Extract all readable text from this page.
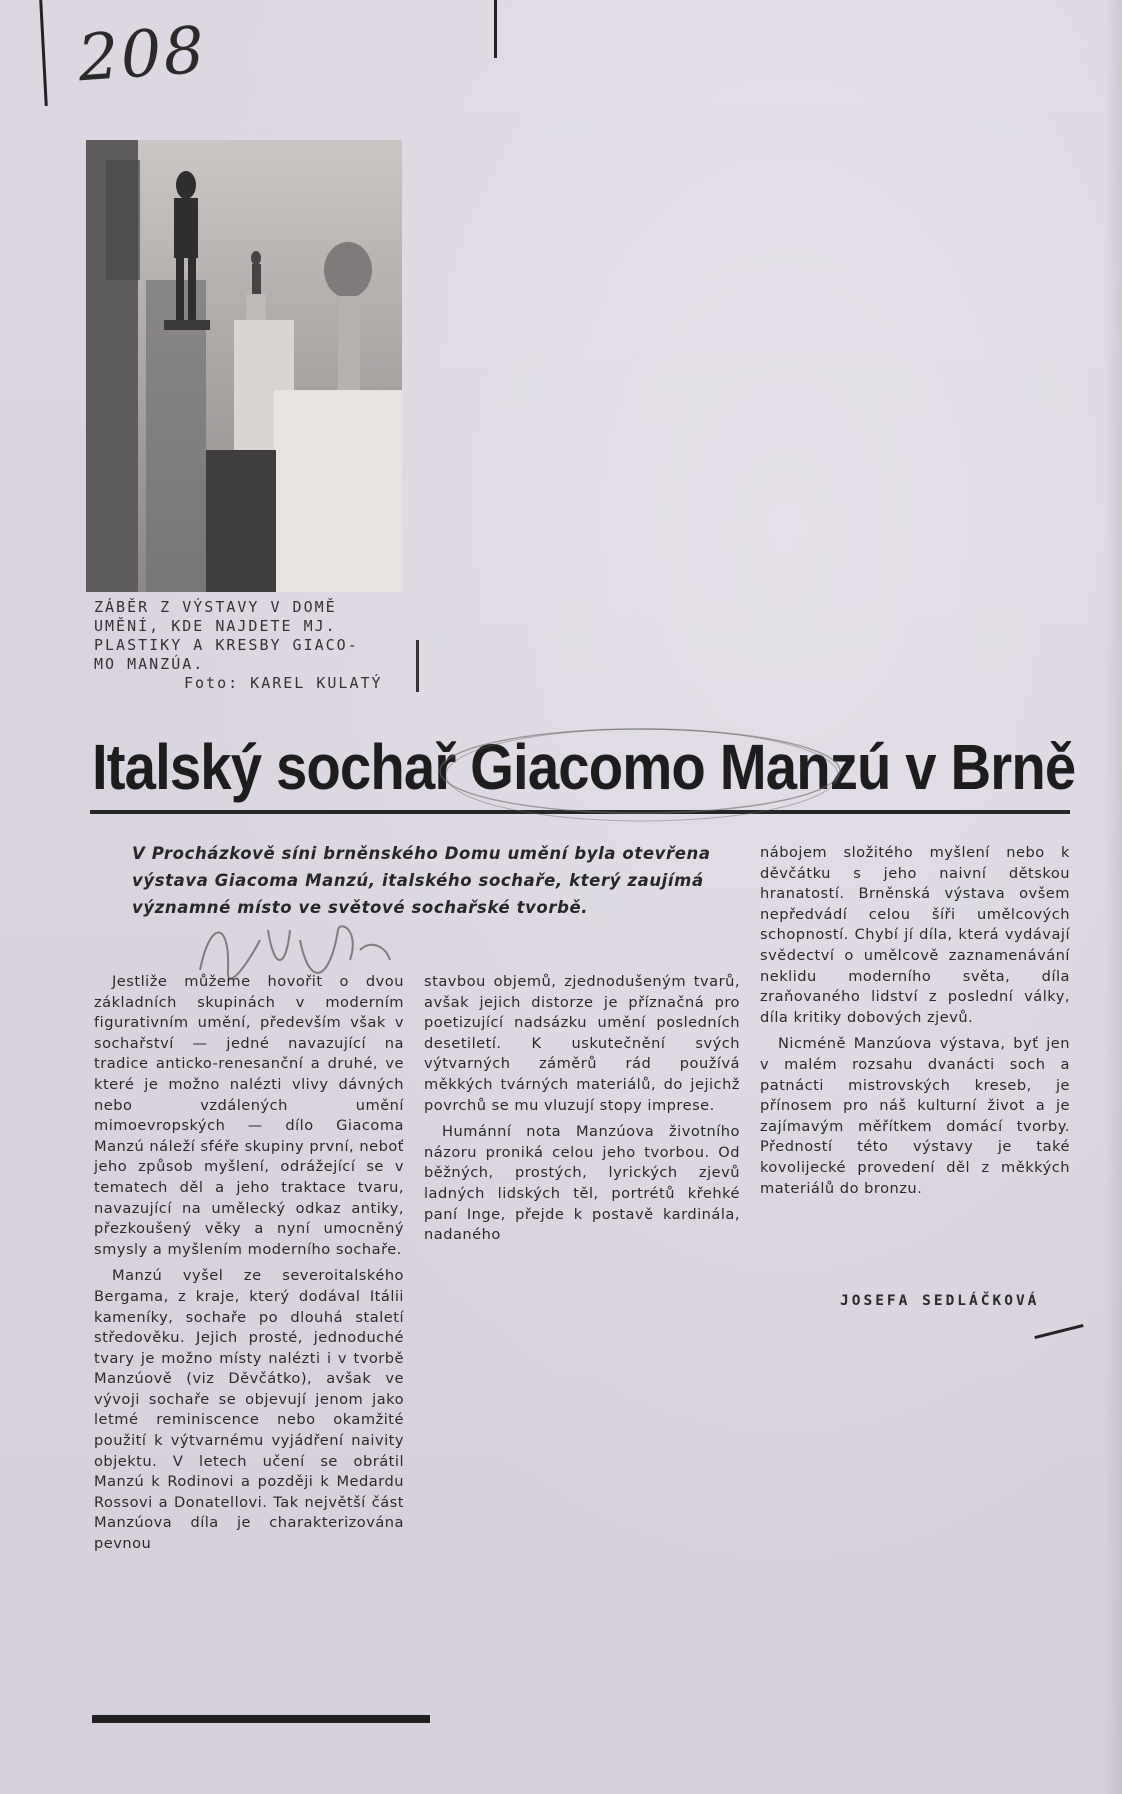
208
ZÁBĚR Z VÝSTAVY V DOMĚ
UMĚNÍ, KDE NAJDETE MJ.
PLASTIKY A KRESBY GIACO-
MO MANZÚA.
Foto: KAREL KULATÝ
Italský sochař Giacomo Manzú v Brně

V Procházkově síni brněnského Domu umění byla otevřena výstava Giacoma Manzú, italského sochaře, který zaujímá významné místo ve světové sochařské tvorbě.

Jestliže můžeme hovořit o dvou základních skupinách v moderním figurativním umění, především však v sochařství — jedné navazující na tradice anticko-renesanční a druhé, ve které je možno nalézti vlivy dávných nebo vzdálených umění mimoevropských — dílo Giacoma Manzú náleží sféře skupiny první, neboť jeho způsob myšlení, odrážející se v tematech děl a jeho traktace tvaru, navazující na umělecký odkaz antiky, přezkoušený věky a nyní umocněný smysly a myšlením moderního sochaře.

Manzú vyšel ze severoitalského Bergama, z kraje, který dodával Itálii kameníky, sochaře po dlouhá staletí středověku. Jejich prosté, jednoduché tvary je možno místy nalézti i v tvorbě Manzúově (viz Děvčátko), avšak ve vývoji sochaře se objevují jenom jako letmé reminiscence nebo okamžité použití k výtvarnému vyjádření naivity objektu. V letech učení se obrátil Manzú k Rodinovi a později k Medardu Rossovi a Donatellovi. Tak největší část Manzúova díla je charakterizována pevnou

stavbou objemů, zjednodušeným tvarů, avšak jejich distorze je příznačná pro poetizující nadsázku umění posledních desetiletí. K uskutečnění svých výtvarných záměrů rád používá měkkých tvárných materiálů, do jejichž povrchů se mu vluzují stopy imprese.

Humánní nota Manzúova životního názoru proniká celou jeho tvorbou. Od běžných, prostých, lyrických zjevů ladných lidských těl, portrétů křehké paní Inge, přejde k postavě kardinála, nadaného

nábojem složitého myšlení nebo k děvčátku s jeho naivní dětskou hranatostí. Brněnská výstava ovšem nepředvádí celou šíři umělcových schopností. Chybí jí díla, která vydávají svědectví o umělcově zaznamenávání neklidu moderního světa, díla zraňovaného lidství z poslední války, díla kritiky dobových zjevů.

Nicméně Manzúova výstava, byť jen v malém rozsahu dvanácti soch a patnácti mistrovských kreseb, je přínosem pro náš kulturní život a je zajímavým měřítkem domácí tvorby. Předností této výstavy je také kovolijecké provedení děl z měkkých materiálů do bronzu.

JOSEFA SEDLÁČKOVÁ
